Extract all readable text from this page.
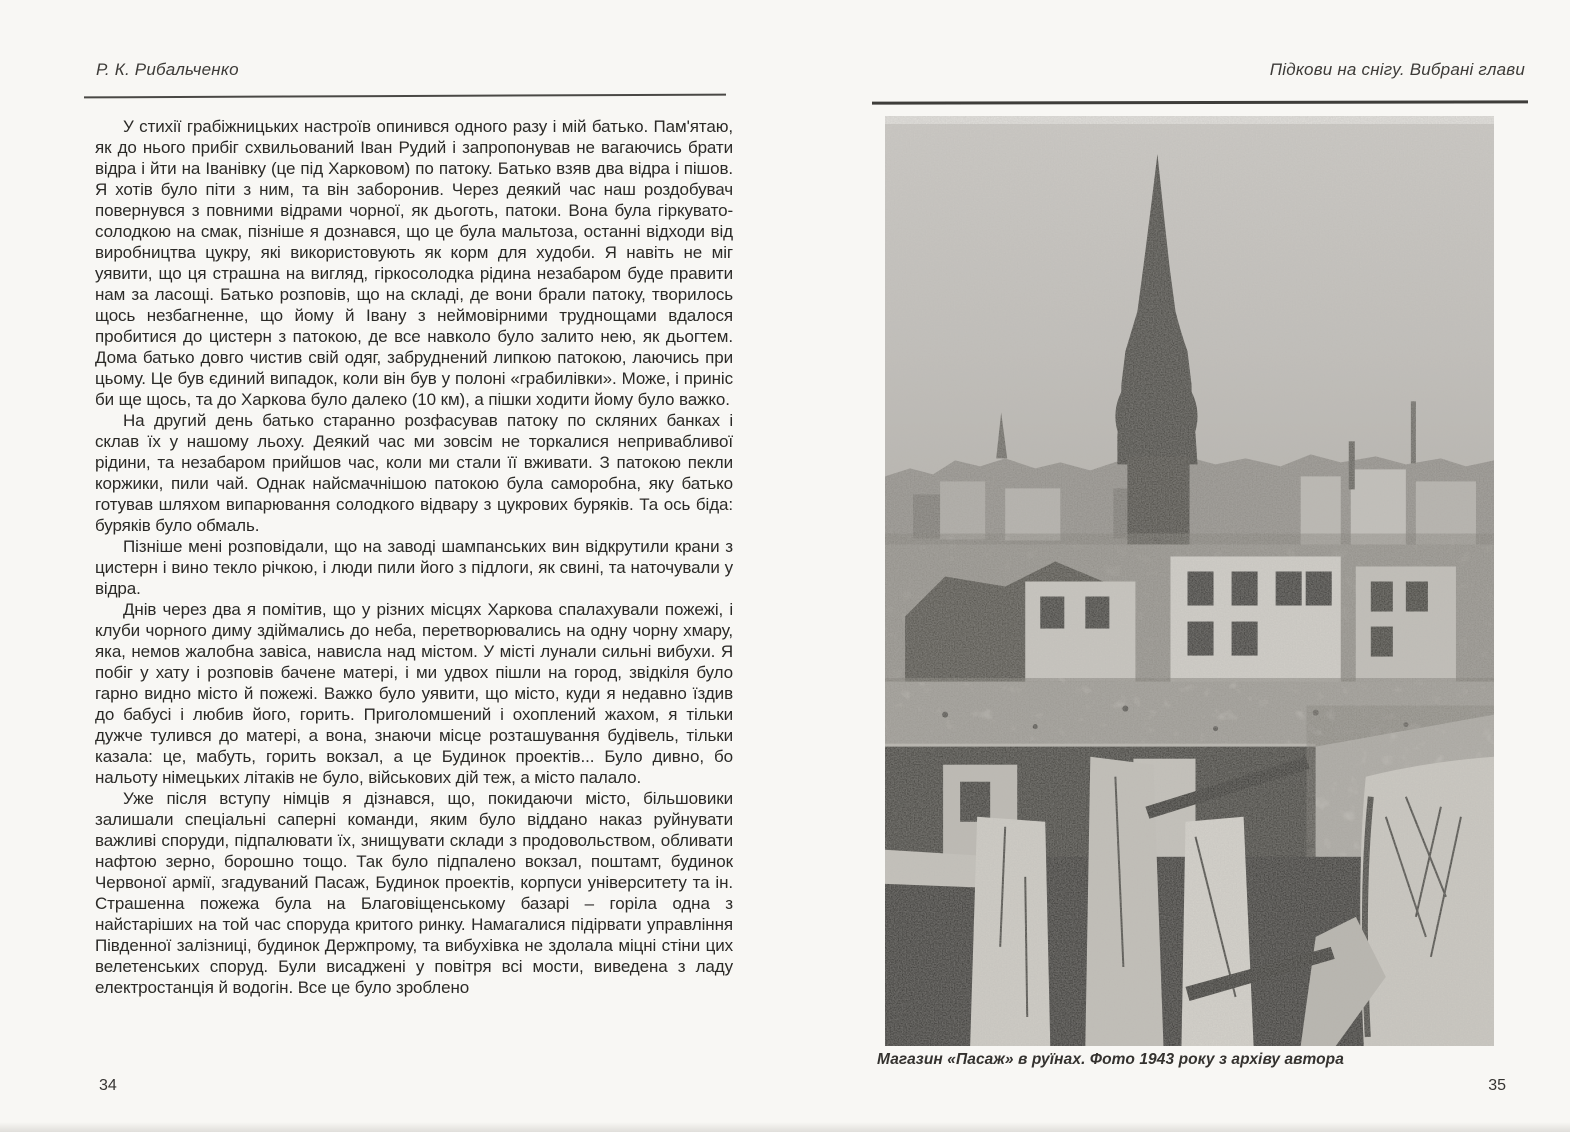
Р. К. Рибальченко

У стихії грабіжницьких настроїв опинився одного разу і мій батько. Пам'ятаю, як до нього прибіг схвильований Іван Рудий і запропонував не вагаючись брати відра і йти на Іванівку (це під Харковом) по патоку. Батько взяв два відра і пішов. Я хотів було піти з ним, та він заборонив. Через деякий час наш роздобувач повернувся з повними відрами чорної, як дьоготь, патоки. Вона була гіркувато-солодкою на смак, пізніше я дознався, що це була мальтоза, останні відходи від виробництва цукру, які використовують як корм для худоби. Я навіть не міг уявити, що ця страшна на вигляд, гіркосолодка рідина незабаром буде правити нам за ласощі. Батько розповів, що на складі, де вони брали патоку, творилось щось незбагненне, що йому й Івану з неймовірними труднощами вдалося пробитися до цистерн з патокою, де все навколо було залито нею, як дьогтем. Дома батько довго чистив свій одяг, забруднений липкою патокою, лаючись при цьому. Це був єдиний випадок, коли він був у полоні «грабилівки». Може, і приніс би ще щось, та до Харкова було далеко (10 км), а пішки ходити йому було важко.

На другий день батько старанно розфасував патоку по скляних банках і склав їх у нашому льоху. Деякий час ми зовсім не торкалися непривабливої рідини, та незабаром прийшов час, коли ми стали її вживати. З патокою пекли коржики, пили чай. Однак найсмачнішою патокою була саморобна, яку батько готував шляхом випарювання солодкого відвару з цукрових буряків. Та ось біда: буряків було обмаль.

Пізніше мені розповідали, що на заводі шампанських вин відкрутили крани з цистерн і вино текло річкою, і люди пили його з підлоги, як свині, та наточували у відра.

Днів через два я помітив, що у різних місцях Харкова спалахували пожежі, і клуби чорного диму здіймались до неба, перетворювались на одну чорну хмару, яка, немов жалобна завіса, нависла над містом. У місті лунали сильні вибухи. Я побіг у хату і розповів бачене матері, і ми удвох пішли на город, звідкіля було гарно видно місто й пожежі. Важко було уявити, що місто, куди я недавно їздив до бабусі і любив його, горить. Приголомшений і охоплений жахом, я тільки дужче тулився до матері, а вона, знаючи місце розташування будівель, тільки казала: це, мабуть, горить вокзал, а це Будинок проектів... Було дивно, бо нальоту німецьких літаків не було, військових дій теж, а місто палало.

Уже після вступу німців я дізнався, що, покидаючи місто, більшовики залишали спеціальні саперні команди, яким було віддано наказ руйнувати важливі споруди, підпалювати їх, знищувати склади з продовольством, обливати нафтою зерно, борошно тощо. Так було підпалено вокзал, поштамт, будинок Червоної армії, згадуваний Пасаж, Будинок проектів, корпуси університету та ін. Страшенна пожежа була на Благовіщенському базарі – горіла одна з найстаріших на той час споруда критого ринку. Намагалися підірвати управління Південної залізниці, будинок Держпрому, та вибухівка не здолала міцні стіни цих велетенських споруд. Були висаджені у повітря всі мости, виведена з ладу електростанція й водогін. Все це було зроблено

34
Підкови на снігу. Вибрані глави
Магазин «Пасаж» в руїнах. Фото 1943 року з архіву автора
35
